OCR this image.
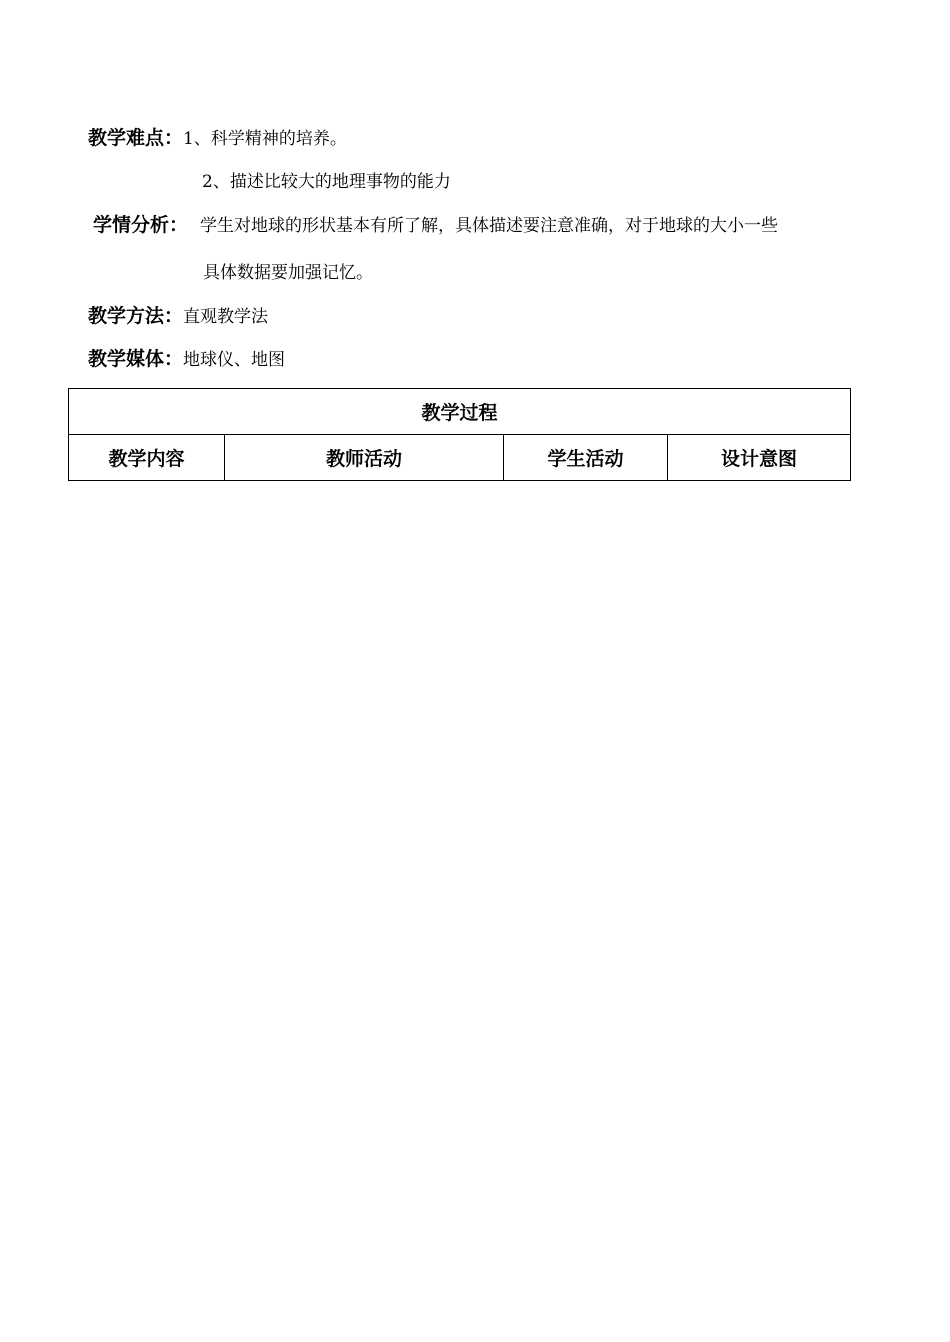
教学难点：1、科学精神的培养。
2、描述比较大的地理事物的能力
学情分析： 学生对地球的形状基本有所了解，具体描述要注意准确，对于地球的大小一些
具体数据要加强记忆。
教学方法：直观教学法
教学媒体：地球仪、地图
教学过程
教学内容	教师活动	学生活动	设计意图
